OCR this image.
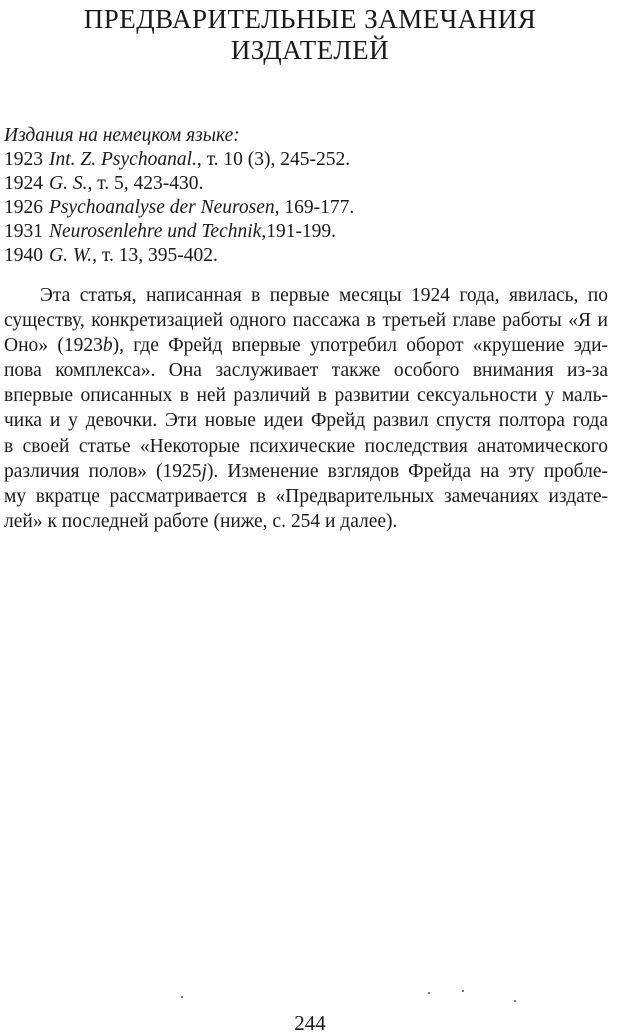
ПРЕДВАРИТЕЛЬНЫЕ ЗАМЕЧАНИЯ
ИЗДАТЕЛЕЙ
Издания на немецком языке:
1923 Int. Z. Psychoanal., т. 10 (3), 245-252.
1924 G. S., т. 5, 423-430.
1926 Psychoanalyse der Neurosen, 169-177.
1931 Neurosenlehre und Technik,191-199.
1940 G. W., т. 13, 395-402.
Эта статья, написанная в первые месяцы 1924 года, явилась, по
существу, конкретизацией одного пассажа в третьей главе работы «Я и
Оно» (1923b), где Фрейд впервые употребил оборот «крушение эди-
пова комплекса». Она заслуживает также особого внимания из-за
впервые описанных в ней различий в развитии сексуальности у маль-
чика и у девочки. Эти новые идеи Фрейд развил спустя полтора года
в своей статье «Некоторые психические последствия анатомического
различия полов» (1925j). Изменение взглядов Фрейда на эту пробле-
му вкратце рассматривается в «Предварительных замечаниях издате-
лей» к последней работе (ниже, с. 254 и далее).
244
